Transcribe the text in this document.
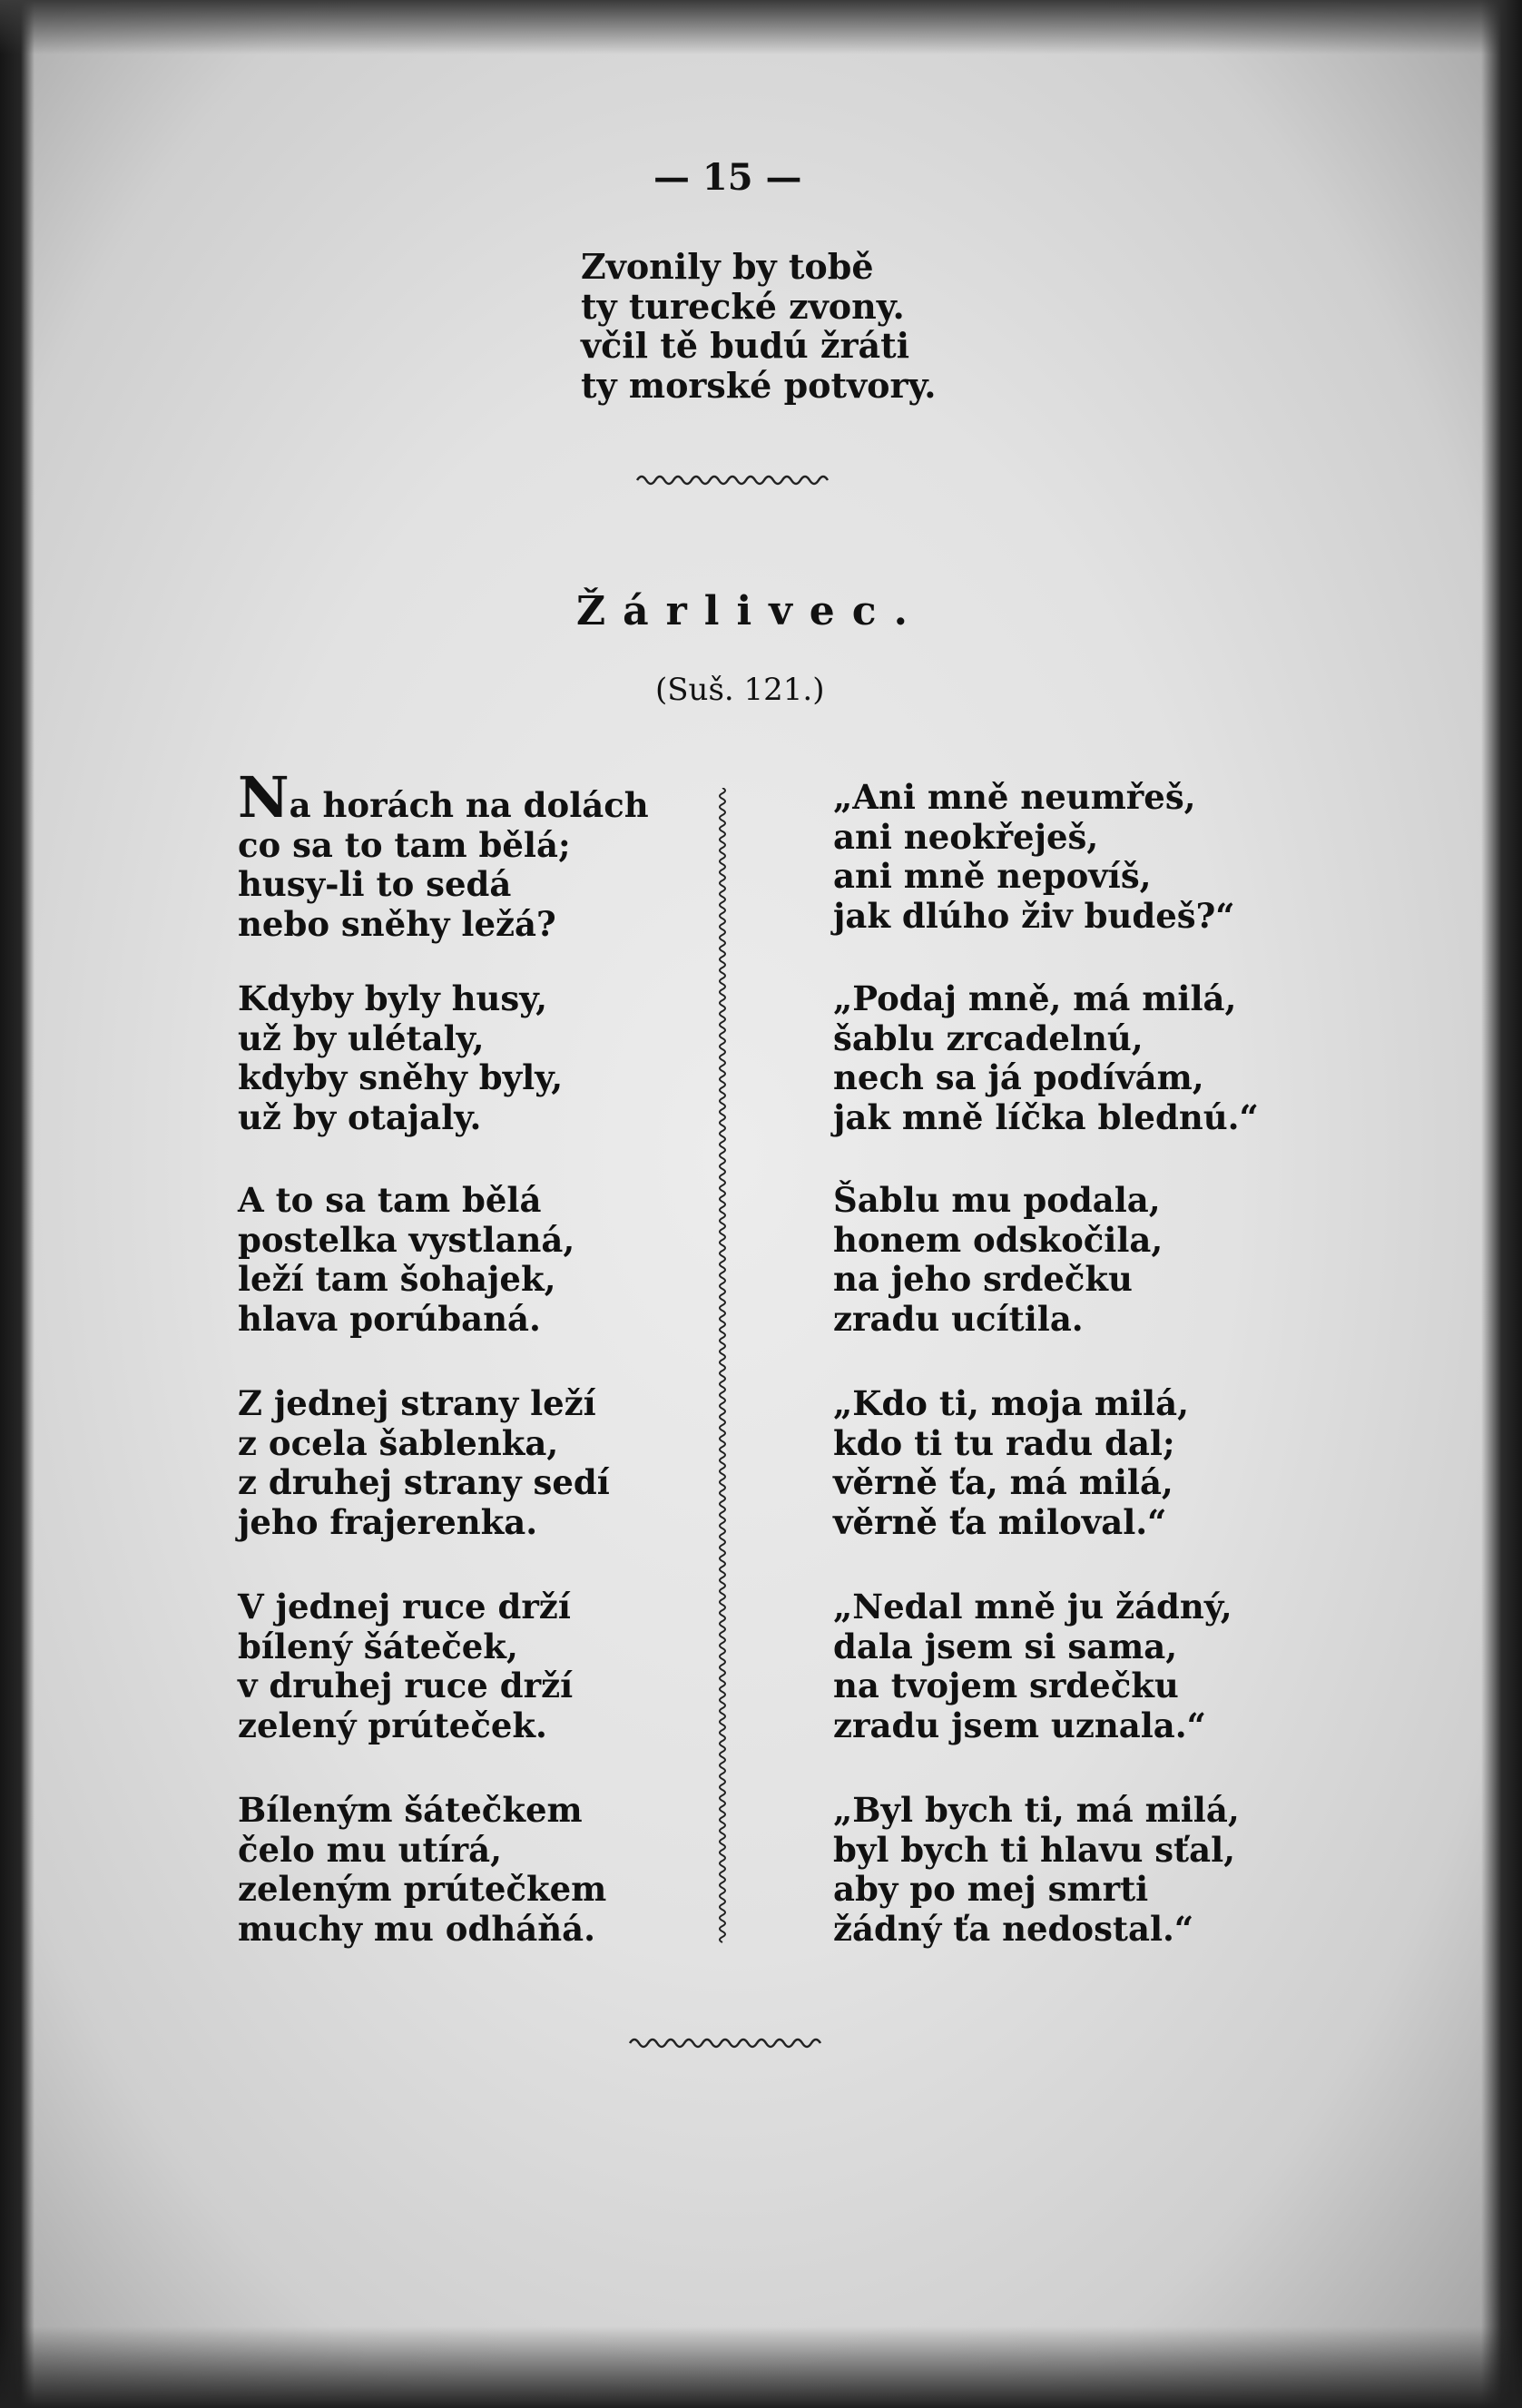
— 15 —
Zvonily by tobě
ty turecké zvony.
včil tě budú žráti
ty morské potvory.
Žárlivec.
(Suš. 121.)
Na horách na dolách
co sa to tam bělá;
husy-li to sedá
nebo sněhy ležá?
Kdyby byly husy,
už by ulétaly,
kdyby sněhy byly,
už by otajaly.
A to sa tam bělá
postelka vystlaná,
leží tam šohajek,
hlava porúbaná.
Z jednej strany leží
z ocela šablenka,
z druhej strany sedí
jeho frajerenka.
V jednej ruce drží
bílený šáteček,
v druhej ruce drží
zelený prúteček.
Bíleným šátečkem
čelo mu utírá,
zeleným prútečkem
muchy mu odháňá.
„Ani mně neumřeš,
ani neokřeješ,
ani mně nepovíš,
jak dlúho živ budeš?“
„Podaj mně, má milá,
šablu zrcadelnú,
nech sa já podívám,
jak mně líčka blednú.“
Šablu mu podala,
honem odskočila,
na jeho srdečku
zradu ucítila.
„Kdo ti, moja milá,
kdo ti tu radu dal;
věrně ťa, má milá,
věrně ťa miloval.“
„Nedal mně ju žádný,
dala jsem si sama,
na tvojem srdečku
zradu jsem uznala.“
„Byl bych ti, má milá,
byl bych ti hlavu sťal,
aby po mej smrti
žádný ťa nedostal.“
